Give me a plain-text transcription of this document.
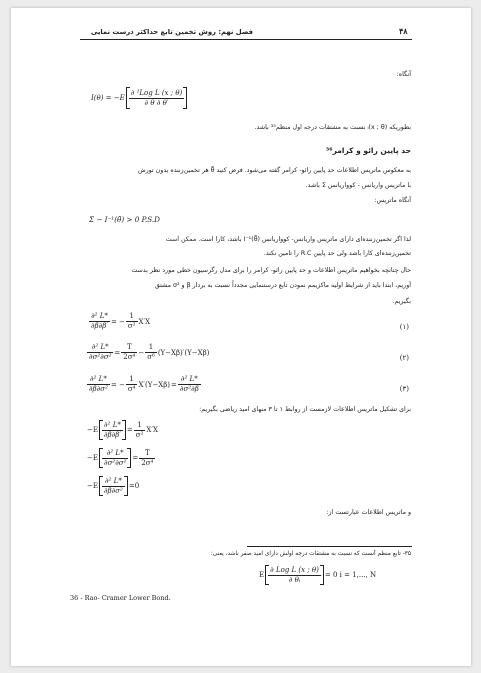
۴۸
فصل نهم: روش تخمین تابع حداکثر درست نمایی
آنگاه:
$I(\theta) = -E \frac{\text{∂ ²Log L (x ; θ)}}{\partial \theta \partial \theta'}$
بطوریکه (x ; θ)ₗ نسبت به مشتقات درجه اول منظم³⁵ باشد.
حد پایین رائو و کرامر³⁶
به معکوس ماتریس اطلاعات حد پایین رائو- کرامر گفته می‌شود. فرض کنید θ̃ هر تخمین‌زننده بدون تورش
با ماتریس واریانس - کوواریانس Σ باشد.
آنگاه ماتریس:
Σ − I⁻¹(θ̃) > 0 P.S.D
لذا اگر تخمین‌زننده‌ای دارای ماتریس واریانس- کوواریانس (θ̃)I⁻¹ باشد، کارا است. ممکن است
تخمین‌زننده‌ای کارا باشد ولی حد پایین R.C را تامین نکند.
حال چنانچه بخواهیم ماتریس اطلاعات و حد پایین رائو- کرامر را برای مدل رگرسیون خطی مورد نظر بدست
آوریم، ابتدا باید از شرایط اولیه ماکزیمم نمودن تابع درستنمایی مجدداً نسبت به بردار β و σ² مشتق
بگیریم.
$\frac{\text{∂² L*}}{\partial\beta\partial\beta'}$ = − $\frac{1}{\text{σ²}} X'X$
(۱)
$\frac{\text{∂² L*}}{\text{∂σ²∂σ²}} = \frac{T}{\text{2σ⁴}} - \frac{1}{\text{σ⁶}} (Y-X\beta)'(Y-X\beta)$
(۲)
$\frac{\text{∂² L*}}{\text{∂β∂σ²}}$ = − $\frac{1}{\text{σ⁴}} X'(Y-X\beta) = \frac{\text{∂² L*}}{\text{∂σ²∂β}}$	(۳)
برای تشکیل ماتریس اطلاعات لازمست از روابط ۱ تا ۳ منهای امید ریاضی بگیریم:
$-E \frac{\text{∂² L*}}{\partial\beta\partial\beta'} = \frac{1}{\text{σ²}} X'X$
$-E \frac{\text{∂² L*}}{\text{∂σ²∂σ²}} = \frac{T}{\text{2σ⁴}}$
$-E \frac{\text{∂² L*}}{\text{∂β∂σ²}} =0$
و ماتریس اطلاعات عبارتست از:
۳۵- تابع منظم آنست که نسبت به مشتقات درجه اولش دارای امید صفر باشد، یعنی:
E $\frac{\text{∂ Log L (x ; θ)}}{\text{∂ θᵢ}} = 0$ i = 1,..., N
36 - Rao- Cramer Lower Bond.
